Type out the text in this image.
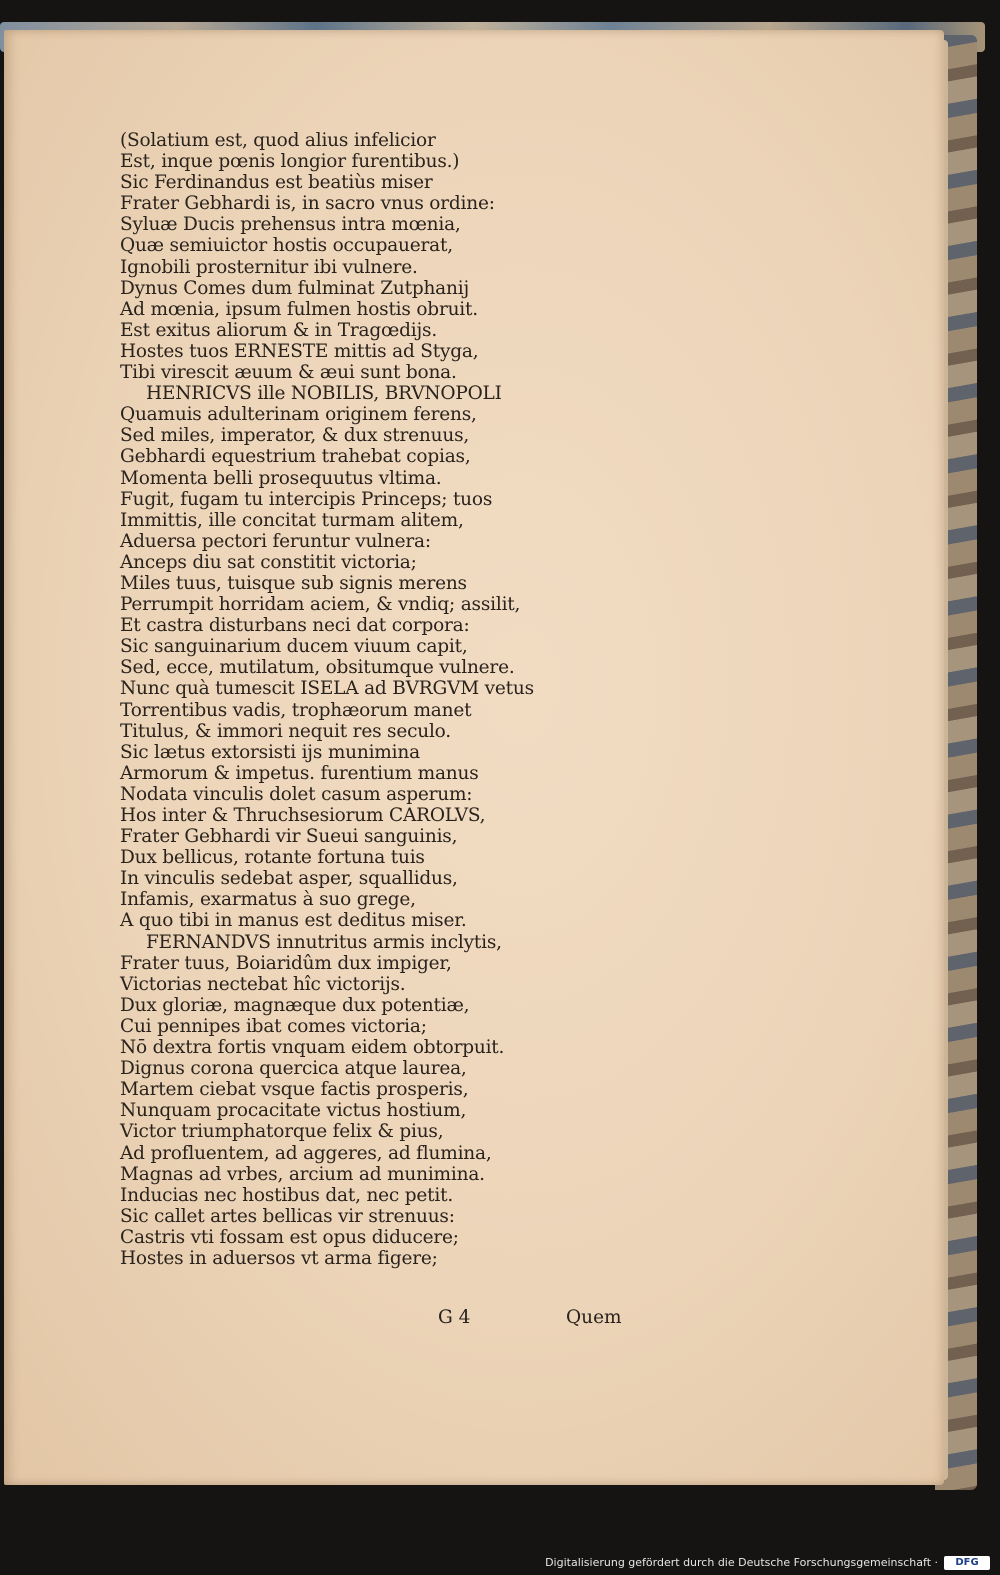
(Solatium est, quod alius infelicior
Est, inque pœnis longior furentibus.)
Sic Ferdinandus est beatiùs miser
Frater Gebhardi is, in sacro vnus ordine:
Syluæ Ducis prehensus intra mœnia,
Quæ semiuictor hostis occupauerat,
Ignobili prosternitur ibi vulnere.
Dynus Comes dum fulminat Zutphanij
Ad mœnia, ipsum fulmen hostis obruit.
Est exitus aliorum & in Tragœdijs.
Hostes tuos ERNESTE mittis ad Styga,
Tibi virescit æuum & æui sunt bona.
HENRICVS ille NOBILIS, BRVNOPOLI
Quamuis adulterinam originem ferens,
Sed miles, imperator, & dux strenuus,
Gebhardi equestrium trahebat copias,
Momenta belli prosequutus vltima.
Fugit, fugam tu intercipis Princeps; tuos
Immittis, ille concitat turmam alitem,
Aduersa pectori feruntur vulnera:
Anceps diu sat constitit victoria;
Miles tuus, tuisque sub signis merens
Perrumpit horridam aciem, & vndiq; assilit,
Et castra disturbans neci dat corpora:
Sic sanguinarium ducem viuum capit,
Sed, ecce, mutilatum, obsitumque vulnere.
Nunc quà tumescit ISELA ad BVRGVM vetus
Torrentibus vadis, trophæorum manet
Titulus, & immori nequit res seculo.
Sic lætus extorsisti ijs munimina
Armorum & impetus. furentium manus
Nodata vinculis dolet casum asperum:
Hos inter & Thruchsesiorum CAROLVS,
Frater Gebhardi vir Sueui sanguinis,
Dux bellicus, rotante fortuna tuis
In vinculis sedebat asper, squallidus,
Infamis, exarmatus à suo grege,
A quo tibi in manus est deditus miser.
FERNANDVS innutritus armis inclytis,
Frater tuus, Boiaridûm dux impiger,
Victorias nectebat hîc victorijs.
Dux gloriæ, magnæque dux potentiæ,
Cui pennipes ibat comes victoria;
Nō dextra fortis vnquam eidem obtorpuit.
Dignus corona quercica atque laurea,
Martem ciebat vsque factis prosperis,
Nunquam procacitate victus hostium,
Victor triumphatorque felix & pius,
Ad profluentem, ad aggeres, ad flumina,
Magnas ad vrbes, arcium ad munimina.
Inducias nec hostibus dat, nec petit.
Sic callet artes bellicas vir strenuus:
Castris vti fossam est opus diducere;
Hostes in aduersos vt arma figere;
G 4	Quem
Digitalisierung gefördert durch die Deutsche Forschungsgemeinschaft ·	DFG
